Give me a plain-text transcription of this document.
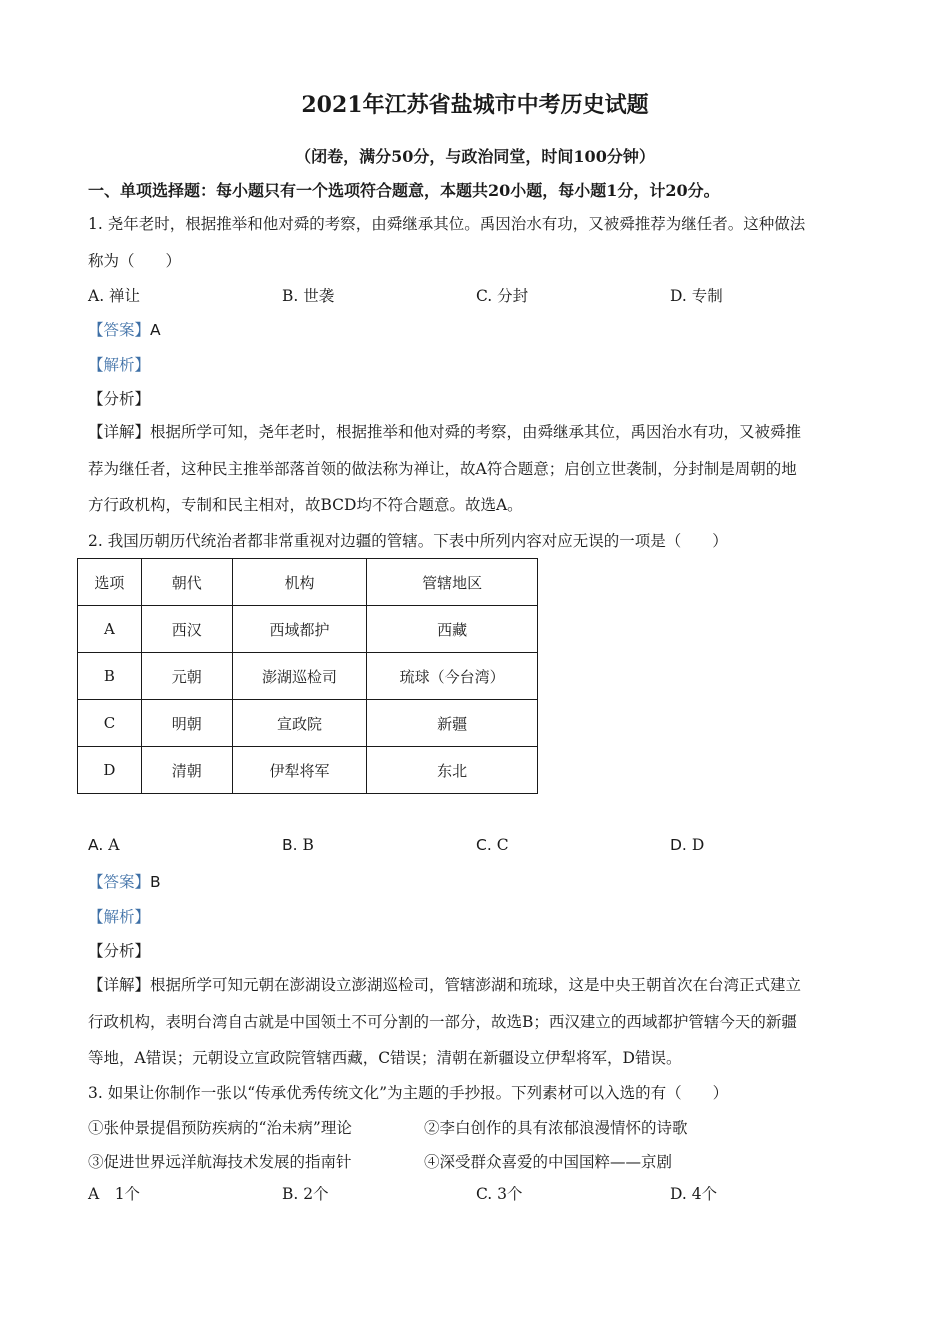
2021年江苏省盐城市中考历史试题
（闭卷，满分50分，与政治同堂，时间100分钟）
一、单项选择题：每小题只有一个选项符合题意，本题共20小题，每小题1分，计20分。
1. 尧年老时，根据推举和他对舜的考察，由舜继承其位。禹因治水有功，又被舜推荐为继任者。这种做法
称为（　　）
A. 禅让	B. 世袭	C. 分封	D. 专制
【答案】A
【解析】
【分析】
【详解】根据所学可知，尧年老时，根据推举和他对舜的考察，由舜继承其位，禹因治水有功，又被舜推
荐为继任者，这种民主推举部落首领的做法称为禅让，故A符合题意；启创立世袭制，分封制是周朝的地
方行政机构，专制和民主相对，故BCD均不符合题意。故选A。
2. 我国历朝历代统治者都非常重视对边疆的管辖。下表中所列内容对应无误的一项是（　　）
选项	朝代	机构	管辖地区
A	西汉	西域都护	西藏
B	元朝	澎湖巡检司	琉球（今台湾）
C	明朝	宣政院	新疆
D	清朝	伊犁将军	东北
A. A	B. B	C. C	D. D
【答案】B
【解析】
【分析】
【详解】根据所学可知元朝在澎湖设立澎湖巡检司，管辖澎湖和琉球，这是中央王朝首次在台湾正式建立
行政机构，表明台湾自古就是中国领土不可分割的一部分，故选B；西汉建立的西域都护管辖今天的新疆
等地，A错误；元朝设立宣政院管辖西藏，C错误；清朝在新疆设立伊犁将军，D错误。
3. 如果让你制作一张以“传承优秀传统文化”为主题的手抄报。下列素材可以入选的有（　　）
①张仲景提倡预防疾病的“治未病”理论	②李白创作的具有浓郁浪漫情怀的诗歌
③促进世界远洋航海技术发展的指南针	④深受群众喜爱的中国国粹——京剧
A　1个	B. 2个	C. 3个	D. 4个
